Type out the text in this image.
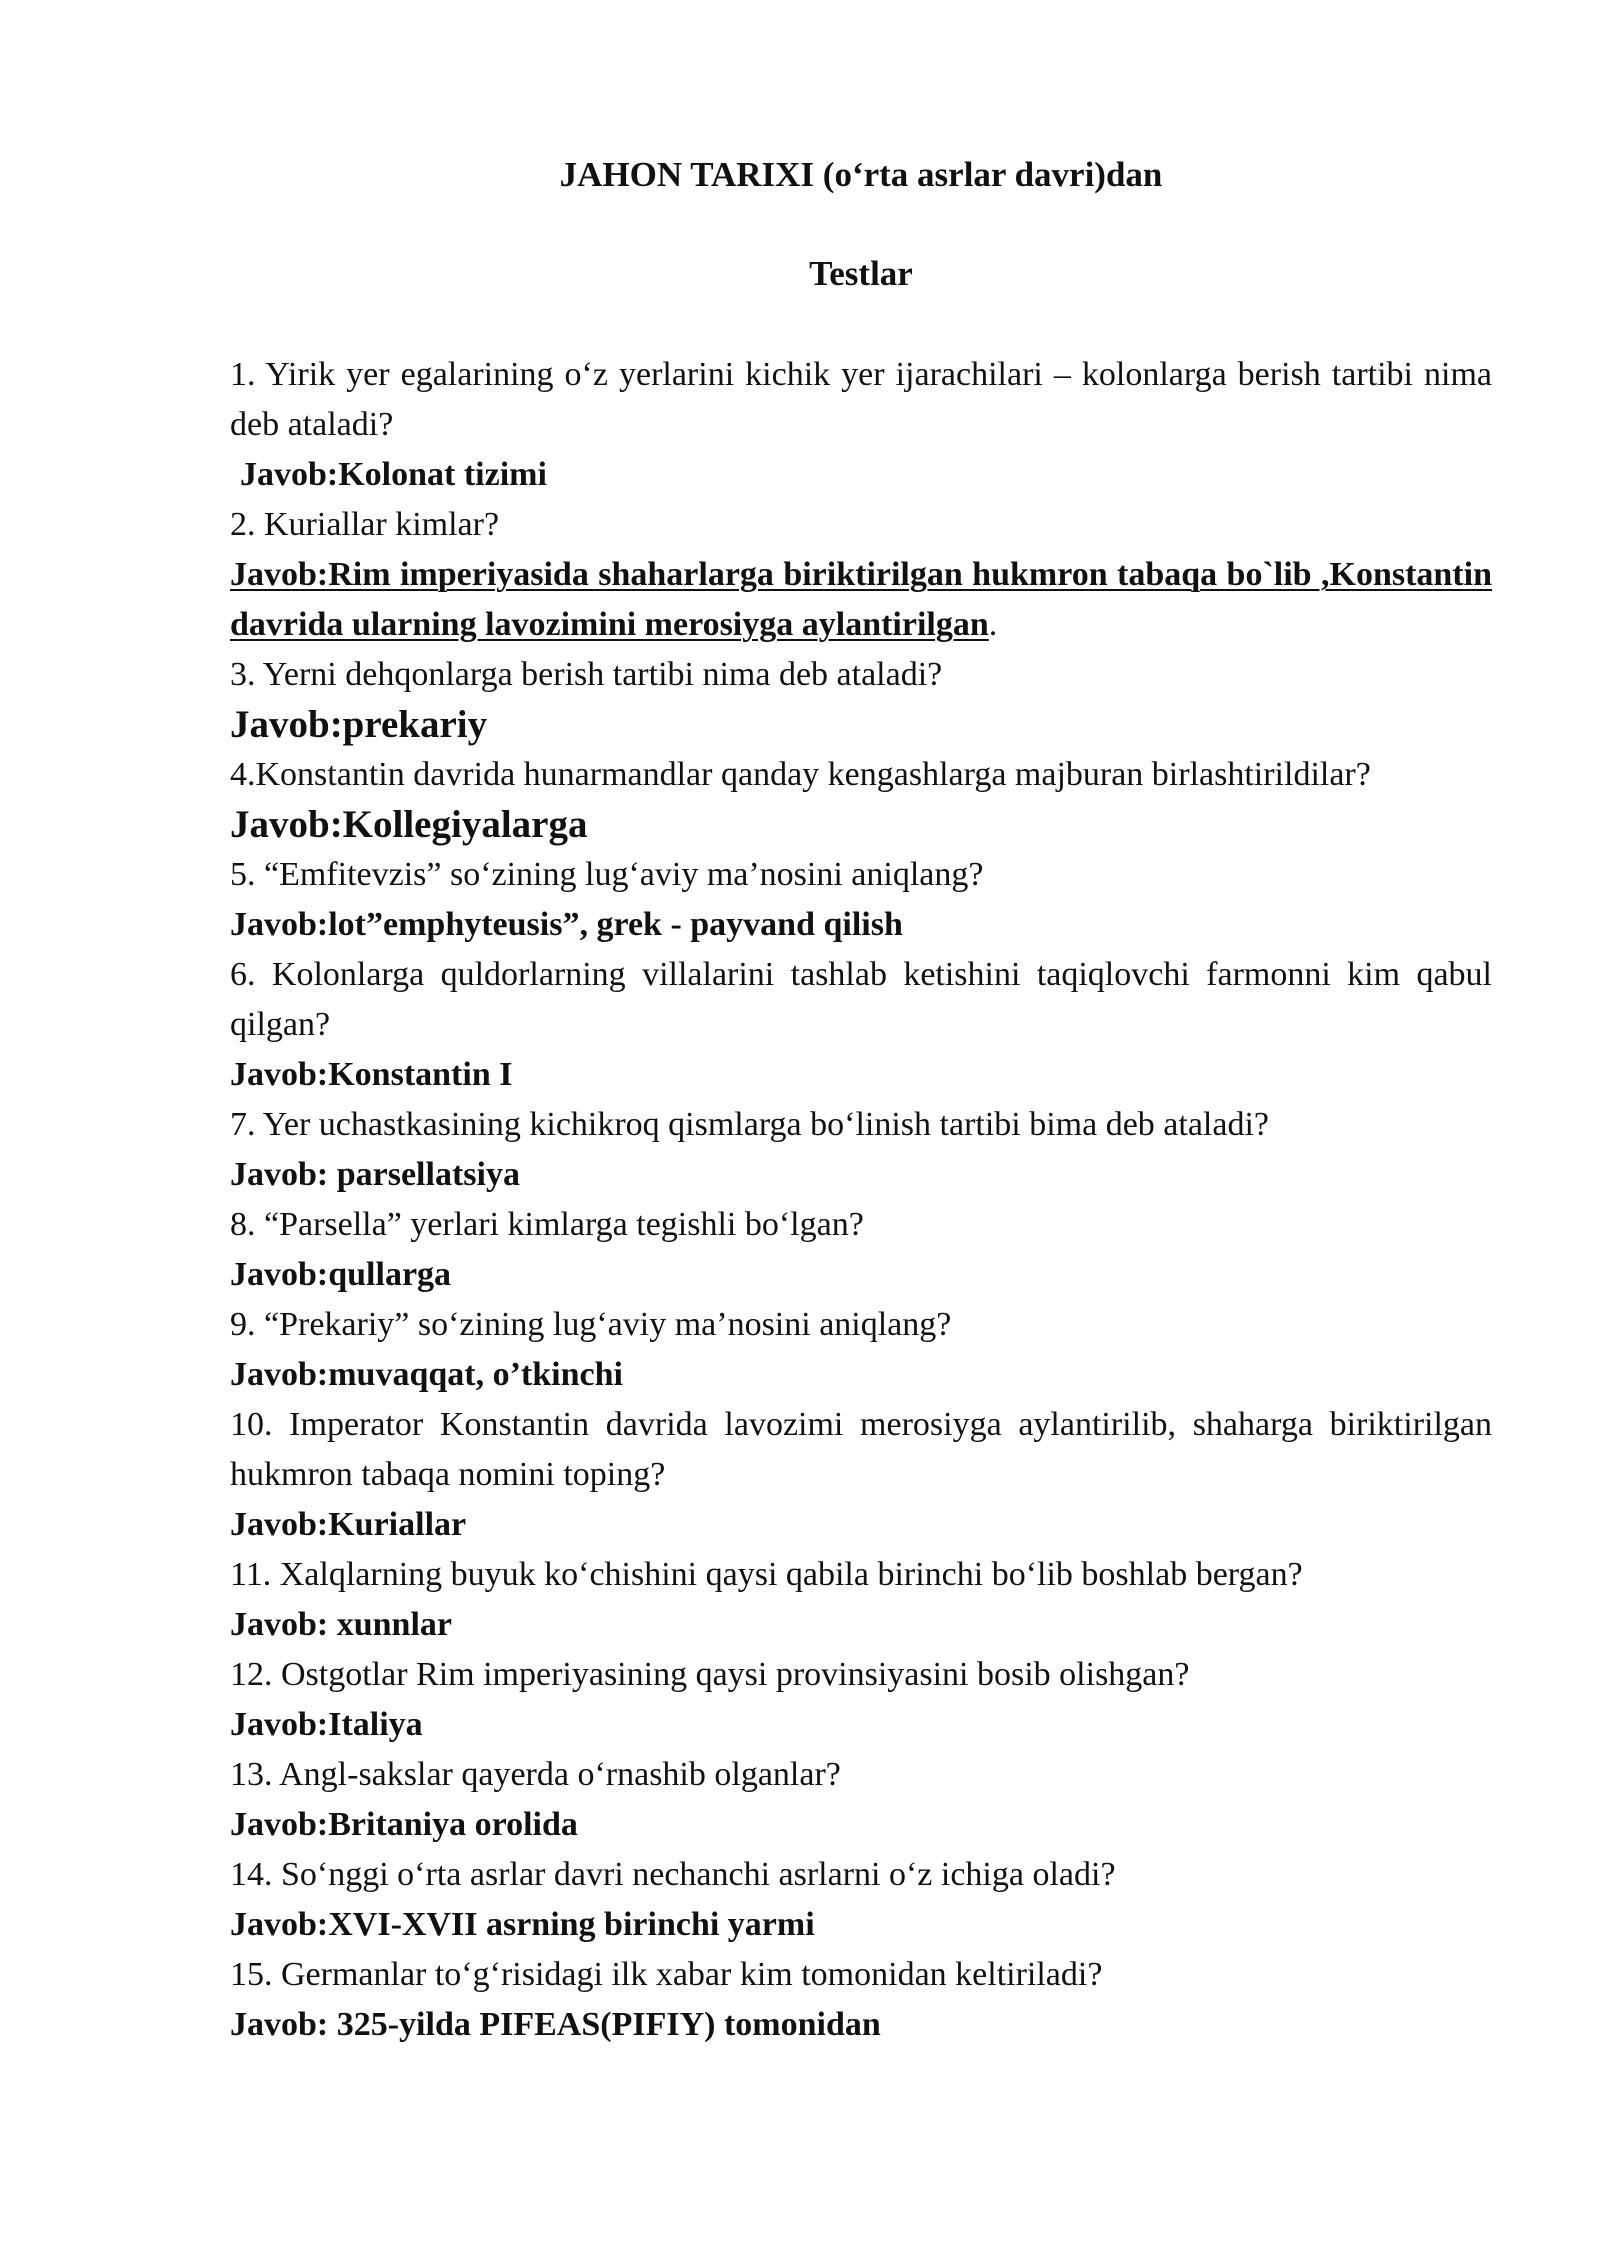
JAHON TARIXI (o‘rta asrlar davri)dan
Testlar

1. Yirik yer egalarining o‘z yerlarini kichik yer ijarachilari – kolonlarga berish tartibi nima deb ataladi?

Javob:Kolonat tizimi

2. Kuriallar kimlar?

Javob:Rim imperiyasida shaharlarga biriktirilgan hukmron tabaqa bo`lib ,Konstantin davrida ularning lavozimini merosiyga aylantirilgan.

3. Yerni dehqonlarga berish tartibi nima deb ataladi?

Javob:prekariy

4.Konstantin davrida hunarmandlar qanday kengashlarga majburan birlashtirildilar?

Javob:Kollegiyalarga

5. “Emfitevzis” so‘zining lug‘aviy ma’nosini aniqlang?

Javob:lot”emphyteusis”, grek - payvand qilish

6. Kolonlarga quldorlarning villalarini tashlab ketishini taqiqlovchi farmonni kim qabul qilgan?

Javob:Konstantin I

7. Yer uchastkasining kichikroq qismlarga bo‘linish tartibi bima deb ataladi?

Javob: parsellatsiya

8. “Parsella” yerlari kimlarga tegishli bo‘lgan?

Javob:qullarga

9. “Prekariy” so‘zining lug‘aviy ma’nosini aniqlang?

Javob:muvaqqat, o’tkinchi

10. Imperator Konstantin davrida lavozimi merosiyga aylantirilib, shaharga biriktirilgan hukmron tabaqa nomini toping?

Javob:Kuriallar

11. Xalqlarning buyuk ko‘chishini qaysi qabila birinchi bo‘lib boshlab bergan?

Javob: xunnlar

12. Ostgotlar Rim imperiyasining qaysi provinsiyasini bosib olishgan?

Javob:Italiya

13. Angl-sakslar qayerda o‘rnashib olganlar?

Javob:Britaniya orolida

14. So‘nggi o‘rta asrlar davri nechanchi asrlarni o‘z ichiga oladi?

Javob:XVI-XVII asrning birinchi yarmi

15. Germanlar to‘g‘risidagi ilk xabar kim tomonidan keltiriladi?

Javob: 325-yilda PIFEAS(PIFIY) tomonidan
